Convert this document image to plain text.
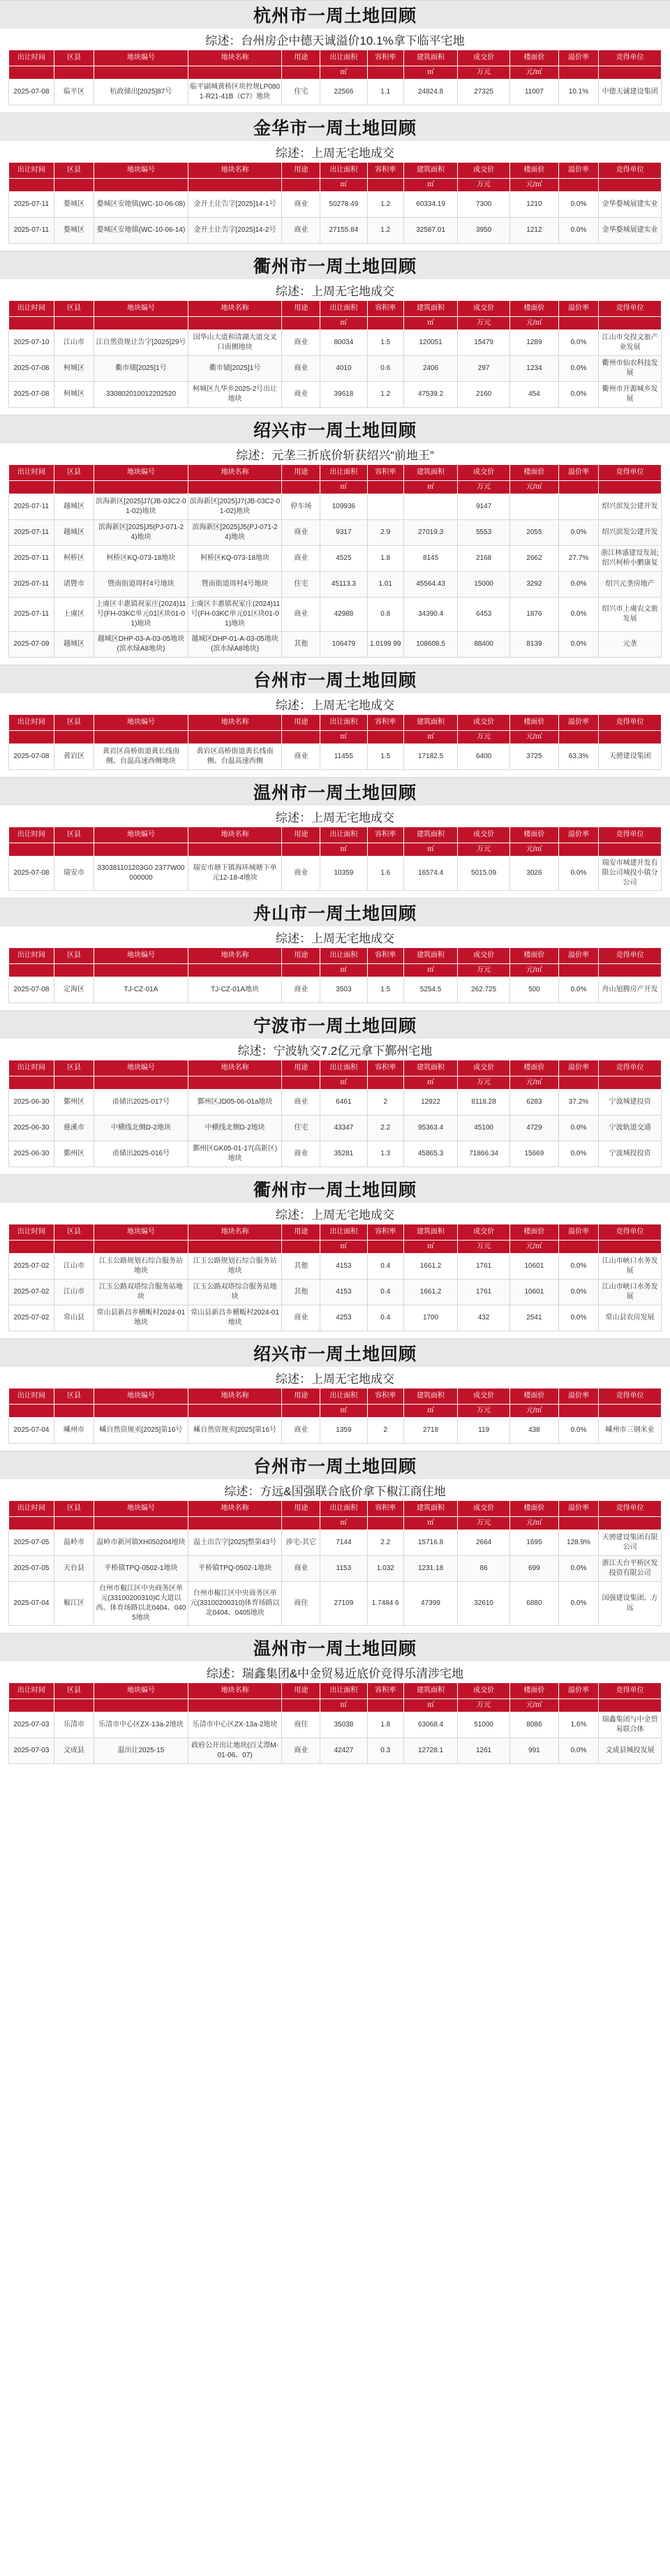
杭州市一周土地回顾
综述：台州房企中德天诚溢价10.1%拿下临平宅地
出让时间	区县	地块编号	地块名称	用途	出让面积	容积率	建筑面积	成交价	楼面价	溢价率	竞得单位

					㎡		㎡	万元	元/㎡		

2025-07-08	临平区	杭政储出[2025]87号	临平副城黄桥区块控规LP0801-R21-41B（C7）地块	住宅	22566	1.1	24824.8	27325	11007	10.1%	中德天诚建设集团
金华市一周土地回顾
综述：上周无宅地成交
出让时间	区县	地块编号	地块名称	用途	出让面积	容积率	建筑面积	成交价	楼面价	溢价率	竞得单位

					㎡		㎡	万元	元/㎡		

2025-07-11	婺城区	婺城区安地镇(WC-10-06-08)	金开土让告字[2025]14-1号	商业	50278.49	1.2	60334.19	7300	1210	0.0%	金华婺城展建实业
2025-07-11	婺城区	婺城区安地镇(WC-10-06-14)	金开土让告字[2025]14-2号	商业	27155.84	1.2	32587.01	3950	1212	0.0%	金华婺城展建实业
衢州市一周土地回顾
综述：上周无宅地成交
出让时间	区县	地块编号	地块名称	用途	出让面积	容积率	建筑面积	成交价	楼面价	溢价率	竞得单位

					㎡		㎡	万元	元/㎡		

2025-07-10	江山市	江自然资规让告字[2025]29号	国华山大道和清湖大道交叉口南侧地块	商业	80034	1.5	120051	15479	1289	0.0%	江山市交投文旅产业发展
2025-07-08	柯城区	衢市储[2025]1号	衢市储[2025]1号	商业	4010	0.6	2406	297	1234	0.0%	衢州市仙农科技发展
2025-07-08	柯城区	330802010012202520	柯城区九华乡2025-2号出让地块	商业	39618	1.2	47539.2	2160	454	0.0%	衢州市开源城乡发展
绍兴市一周土地回顾
综述：元垄三折底价斩获绍兴“前地王”
出让时间	区县	地块编号	地块名称	用途	出让面积	容积率	建筑面积	成交价	楼面价	溢价率	竞得单位

					㎡		㎡	万元	元/㎡		

2025-07-11	越城区	滨海新区[2025]J7(JB-03C2-01-02)地块	滨海新区[2025]J7(JB-03C2-01-02)地块	停车场	109936			9147			绍兴滨发公建开发
2025-07-11	越城区	滨海新区[2025]J5(PJ-071-24)地块	滨海新区[2025]J5(PJ-071-24)地块	商业	9317	2.9	27019.3	5553	2055	0.0%	绍兴滨发公建开发
2025-07-11	柯桥区	柯桥区KQ-073-18地块	柯桥区KQ-073-18地块	商业	4525	1.8	8145	2168	2662	27.7%	浙江林盛建设发展;绍兴柯桥小鹏康复
2025-07-11	诸暨市	暨南街道周村4号地块	暨南街道周村4号地块	住宅	45113.3	1.01	45564.43	15000	3292	0.0%	绍兴元垄房地产
2025-07-11	上虞区	上虞区丰惠镇祝家庄(2024)11号(FH-03KC单元01区块01-01)地块	上虞区丰惠镇祝家庄(2024)11号(FH-03KC单元01区块01-01)地块	商业	42988	0.8	34390.4	6453	1876	0.0%	绍兴市上虞农文旅发展
2025-07-09	越城区	越城区DHP-03-A-03-05地块(滨水绿A8地块)	越城区DHP-01-A-03-05地块(滨水绿A8地块)	其他	106479	1.0199 99	108608.5	88400	8139	0.0%	元垄
台州市一周土地回顾
综述：上周无宅地成交
出让时间	区县	地块编号	地块名称	用途	出让面积	容积率	建筑面积	成交价	楼面价	溢价率	竞得单位

					㎡		㎡	万元	元/㎡		

2025-07-08	黄岩区	黄岩区高桥街道黄长线南侧、台温高速西侧地块	黄岩区高桥街道黄长线南侧、台温高速西侧	商业	11455	1.5	17182.5	6400	3725	63.3%	天骋建设集团
温州市一周土地回顾
综述：上周无宅地成交
出让时间	区县	地块编号	地块名称	用途	出让面积	容积率	建筑面积	成交价	楼面价	溢价率	竞得单位

					㎡		㎡	万元	元/㎡		

2025-07-08	瑞安市	330381101203G0 2377W00000000	瑞安市塘下镇海环城塘下单元12-18-4地块	商业	10359	1.6	16574.4	5015.09	3026	0.0%	瑞安市城建开发有限公司城投小镇分公司
舟山市一周土地回顾
综述：上周无宅地成交
出让时间	区县	地块编号	地块名称	用途	出让面积	容积率	建筑面积	成交价	楼面价	溢价率	竞得单位

					㎡		㎡	万元	元/㎡		

2025-07-08	定海区	TJ-CZ-01A	TJ-CZ-01A地块	商业	3503	1.5	5254.5	262.725	500	0.0%	舟山旭腾房产开发
宁波市一周土地回顾
综述：宁波轨交7.2亿元拿下鄞州宅地
出让时间	区县	地块编号	地块名称	用途	出让面积	容积率	建筑面积	成交价	楼面价	溢价率	竞得单位

					㎡		㎡	万元	元/㎡		

2025-06-30	鄞州区	甬储出2025-017号	鄞州区JD05-06-01a地块	商业	6461	2	12922	8118.28	6283	37.2%	宁波城建投资
2025-06-30	慈溪市	中横线北侧D-2地块	中横线北侧D-2地块	住宅	43347	2.2	95363.4	45100	4729	0.0%	宁波轨道交通
2025-06-30	鄞州区	甬储出2025-016号	鄞州区GK05-01-17(高新区)地块	商业	35281	1.3	45865.3	71866.34	15669	0.0%	宁波城投投资
衢州市一周土地回顾
综述：上周无宅地成交
出让时间	区县	地块编号	地块名称	用途	出让面积	容积率	建筑面积	成交价	楼面价	溢价率	竞得单位

					㎡		㎡	万元	元/㎡		

2025-07-02	江山市	江玉公路规划石综合服务站地块	江玉公路规划石综合服务站地块	其他	4153	0.4	1661.2	1761	10601	0.0%	江山市峡口水务发展
2025-07-02	江山市	江玉公路双塔综合服务站地块	江玉公路双塔综合服务站地块	其他	4153	0.4	1661.2	1761	10601	0.0%	江山市峡口水务发展
2025-07-02	常山县	常山县新昌乡横畈村2024-01地块	常山县新昌乡横畈村2024-01地块	商业	4253	0.4	1700	432	2541	0.0%	常山县农房发展
绍兴市一周土地回顾
综述：上周无宅地成交
出让时间	区县	地块编号	地块名称	用途	出让面积	容积率	建筑面积	成交价	楼面价	溢价率	竞得单位

					㎡		㎡	万元	元/㎡		

2025-07-04	嵊州市	嵊自然资规卖[2025]第16号	嵊自然资规卖[2025]第16号	商业	1359	2	2718	119	438	0.0%	嵊州市三钢米业
台州市一周土地回顾
综述：方远&国强联合底价拿下椒江商住地
出让时间	区县	地块编号	地块名称	用途	出让面积	容积率	建筑面积	成交价	楼面价	溢价率	竞得单位

					㎡		㎡	万元	元/㎡		

2025-07-05	温岭市	温岭市新河镇XH050204地块	温土出告字[2025]整第43号	涉宅-其它	7144	2.2	15716.8	2664	1695	128.9%	天骋建设集团有限公司
2025-07-05	天台县	平桥镇TPQ-0502-1地块	平桥镇TPQ-0502-1地块	商业	1153	1.032	1231.18	86	699	0.0%	浙江天台平桥区发投资有限公司
2025-07-04	椒江区	台州市椒江区中央商务区单元(33100200310)C大道以西、体育场路以北0404、0405地块	台州市椒江区中央商务区单元(33100200310)体育场路以北0404、0405地块	商住	27109	1.7484 6	47399	32610	6880	0.0%	国强建设集团、方远
温州市一周土地回顾
综述：瑞鑫集团&中金贸易近底价竞得乐清涉宅地
出让时间	区县	地块编号	地块名称	用途	出让面积	容积率	建筑面积	成交价	楼面价	溢价率	竞得单位

					㎡		㎡	万元	元/㎡		

2025-07-03	乐清市	乐清市中心区ZX-13a-2地块	乐清市中心区ZX-13a-2地块	商住	35038	1.8	63068.4	51000	8086	1.6%	瑞鑫集团与中金贸易联合体
2025-07-03	文成县	温出让2025-15	政府公开出让地块(百丈漈M-01-06、07)	商业	42427	0.3	12728.1	1261	991	0.0%	文成县城投发展
